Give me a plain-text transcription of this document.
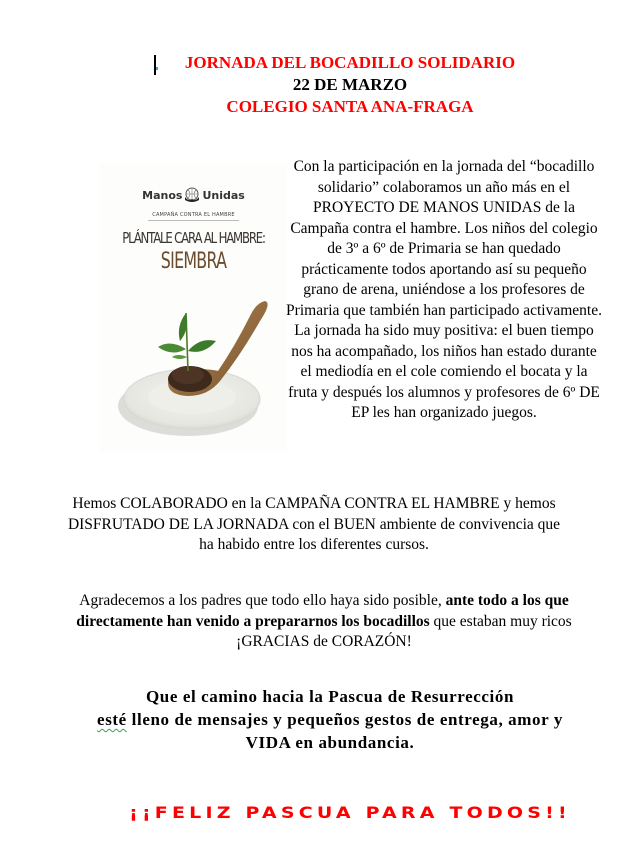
JORNADA DEL BOCADILLO SOLIDARIO
22 DE MARZO
COLEGIO SANTA ANA-FRAGA
Manos Unidas
CAMPAÑA CONTRA EL HAMBRE
PLÁNTALE CARA AL HAMBRE:
SIEMBRA
Con la participación en la jornada del “bocadillo solidario” colaboramos un año más en el PROYECTO DE MANOS UNIDAS de la Campaña contra el hambre. Los niños del colegio de 3º a 6º de Primaria se han quedado prácticamente todos aportando así su pequeño grano de arena, uniéndose a los profesores de Primaria que también han participado activamente.
La jornada ha sido muy positiva: el buen tiempo nos ha acompañado, los niños han estado durante el mediodía en el cole comiendo el bocata y la fruta y después los alumnos y profesores de 6º DE EP les han organizado juegos.
Hemos COLABORADO en la CAMPAÑA CONTRA EL HAMBRE y hemos DISFRUTADO DE LA JORNADA con el BUEN ambiente de convivencia que ha habido entre los diferentes cursos.
Agradecemos a los padres que todo ello haya sido posible, ante todo a los que directamente han venido a prepararnos los bocadillos que estaban muy ricos ¡GRACIAS de CORAZÓN!
Que el camino hacia la Pascua de Resurrección
esté lleno de mensajes y pequeños gestos de entrega, amor y
VIDA en abundancia.
¡¡FELIZ PASCUA PARA TODOS!!
